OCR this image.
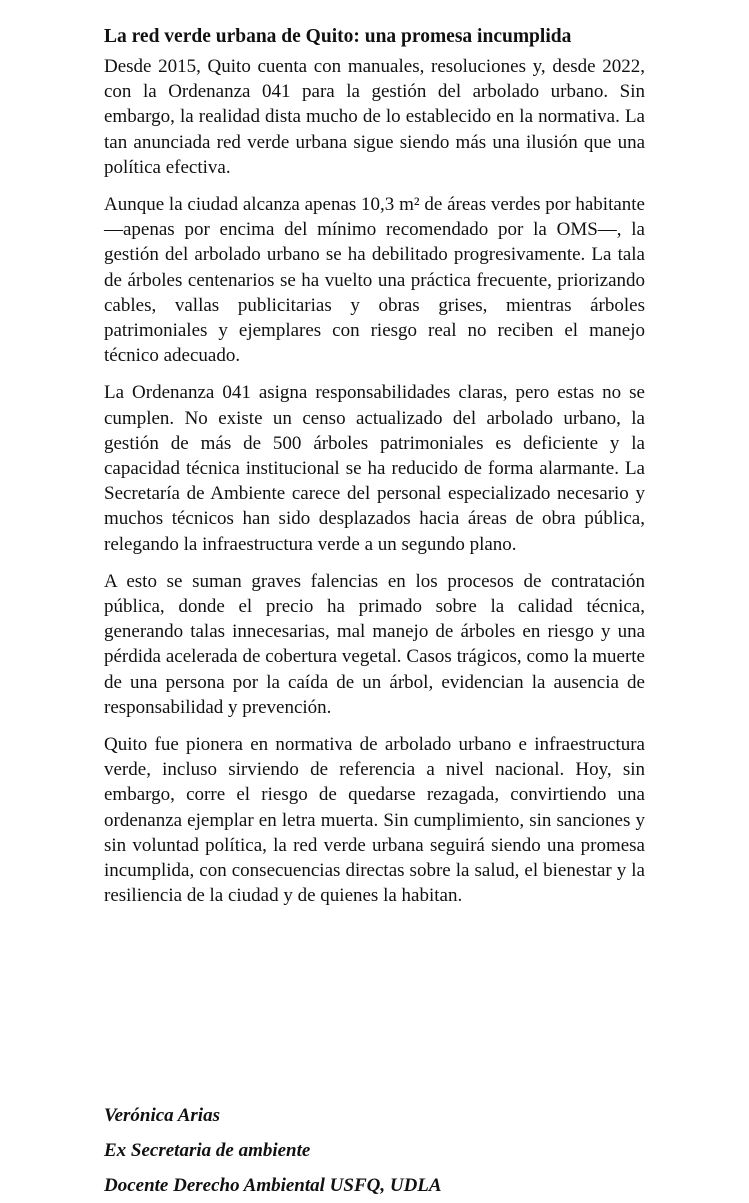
La red verde urbana de Quito: una promesa incumplida

Desde 2015, Quito cuenta con manuales, resoluciones y, desde 2022, con la Ordenanza 041 para la gestión del arbolado urbano. Sin embargo, la realidad dista mucho de lo establecido en la normativa. La tan anunciada red verde urbana sigue siendo más una ilusión que una política efectiva.

Aunque la ciudad alcanza apenas 10,3 m² de áreas verdes por habitante —apenas por encima del mínimo recomendado por la OMS—, la gestión del arbolado urbano se ha debilitado progresivamente. La tala de árboles centenarios se ha vuelto una práctica frecuente, priorizando cables, vallas publicitarias y obras grises, mientras árboles patrimoniales y ejemplares con riesgo real no reciben el manejo técnico adecuado.

La Ordenanza 041 asigna responsabilidades claras, pero estas no se cumplen. No existe un censo actualizado del arbolado urbano, la gestión de más de 500 árboles patrimoniales es deficiente y la capacidad técnica institucional se ha reducido de forma alarmante. La Secretaría de Ambiente carece del personal especializado necesario y muchos técnicos han sido desplazados hacia áreas de obra pública, relegando la infraestructura verde a un segundo plano.

A esto se suman graves falencias en los procesos de contratación pública, donde el precio ha primado sobre la calidad técnica, generando talas innecesarias, mal manejo de árboles en riesgo y una pérdida acelerada de cobertura vegetal. Casos trágicos, como la muerte de una persona por la caída de un árbol, evidencian la ausencia de responsabilidad y prevención.

Quito fue pionera en normativa de arbolado urbano e infraestructura verde, incluso sirviendo de referencia a nivel nacional. Hoy, sin embargo, corre el riesgo de quedarse rezagada, convirtiendo una ordenanza ejemplar en letra muerta. Sin cumplimiento, sin sanciones y sin voluntad política, la red verde urbana seguirá siendo una promesa incumplida, con consecuencias directas sobre la salud, el bienestar y la resiliencia de la ciudad y de quienes la habitan.

Verónica Arias
Ex Secretaria de ambiente
Docente Derecho Ambiental USFQ, UDLA
